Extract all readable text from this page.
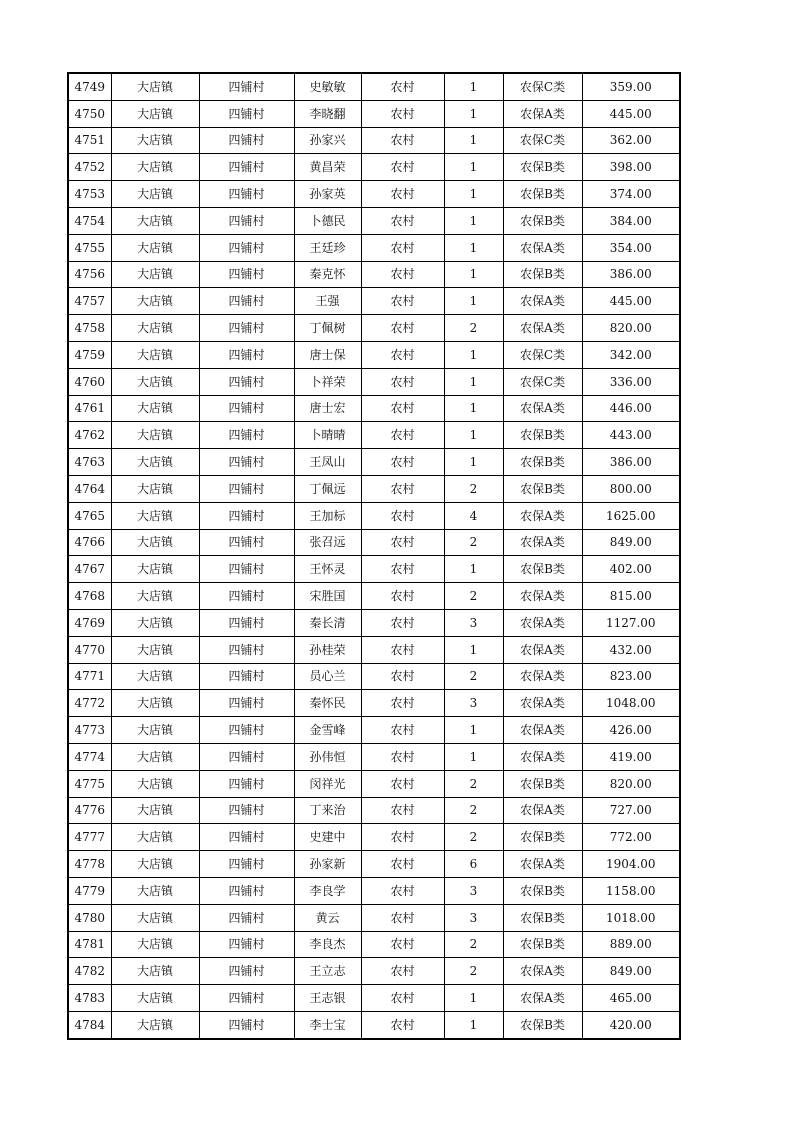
4749	大店镇	四铺村	史敏敏	农村	1	农保C类	359.00
4750	大店镇	四铺村	李晓翻	农村	1	农保A类	445.00
4751	大店镇	四铺村	孙家兴	农村	1	农保C类	362.00
4752	大店镇	四铺村	黄昌荣	农村	1	农保B类	398.00
4753	大店镇	四铺村	孙家英	农村	1	农保B类	374.00
4754	大店镇	四铺村	卜德民	农村	1	农保B类	384.00
4755	大店镇	四铺村	王廷珍	农村	1	农保A类	354.00
4756	大店镇	四铺村	秦克怀	农村	1	农保B类	386.00
4757	大店镇	四铺村	王强	农村	1	农保A类	445.00
4758	大店镇	四铺村	丁佩树	农村	2	农保A类	820.00
4759	大店镇	四铺村	唐士保	农村	1	农保C类	342.00
4760	大店镇	四铺村	卜祥荣	农村	1	农保C类	336.00
4761	大店镇	四铺村	唐士宏	农村	1	农保A类	446.00
4762	大店镇	四铺村	卜晴晴	农村	1	农保B类	443.00
4763	大店镇	四铺村	王凤山	农村	1	农保B类	386.00
4764	大店镇	四铺村	丁佩远	农村	2	农保B类	800.00
4765	大店镇	四铺村	王加标	农村	4	农保A类	1625.00
4766	大店镇	四铺村	张召远	农村	2	农保A类	849.00
4767	大店镇	四铺村	王怀灵	农村	1	农保B类	402.00
4768	大店镇	四铺村	宋胜国	农村	2	农保A类	815.00
4769	大店镇	四铺村	秦长清	农村	3	农保A类	1127.00
4770	大店镇	四铺村	孙桂荣	农村	1	农保A类	432.00
4771	大店镇	四铺村	员心兰	农村	2	农保A类	823.00
4772	大店镇	四铺村	秦怀民	农村	3	农保A类	1048.00
4773	大店镇	四铺村	金雪峰	农村	1	农保A类	426.00
4774	大店镇	四铺村	孙伟恒	农村	1	农保A类	419.00
4775	大店镇	四铺村	闵祥光	农村	2	农保B类	820.00
4776	大店镇	四铺村	丁来治	农村	2	农保A类	727.00
4777	大店镇	四铺村	史建中	农村	2	农保B类	772.00
4778	大店镇	四铺村	孙家新	农村	6	农保A类	1904.00
4779	大店镇	四铺村	李良学	农村	3	农保B类	1158.00
4780	大店镇	四铺村	黄云	农村	3	农保B类	1018.00
4781	大店镇	四铺村	李良杰	农村	2	农保B类	889.00
4782	大店镇	四铺村	王立志	农村	2	农保A类	849.00
4783	大店镇	四铺村	王志银	农村	1	农保A类	465.00
4784	大店镇	四铺村	李士宝	农村	1	农保B类	420.00
